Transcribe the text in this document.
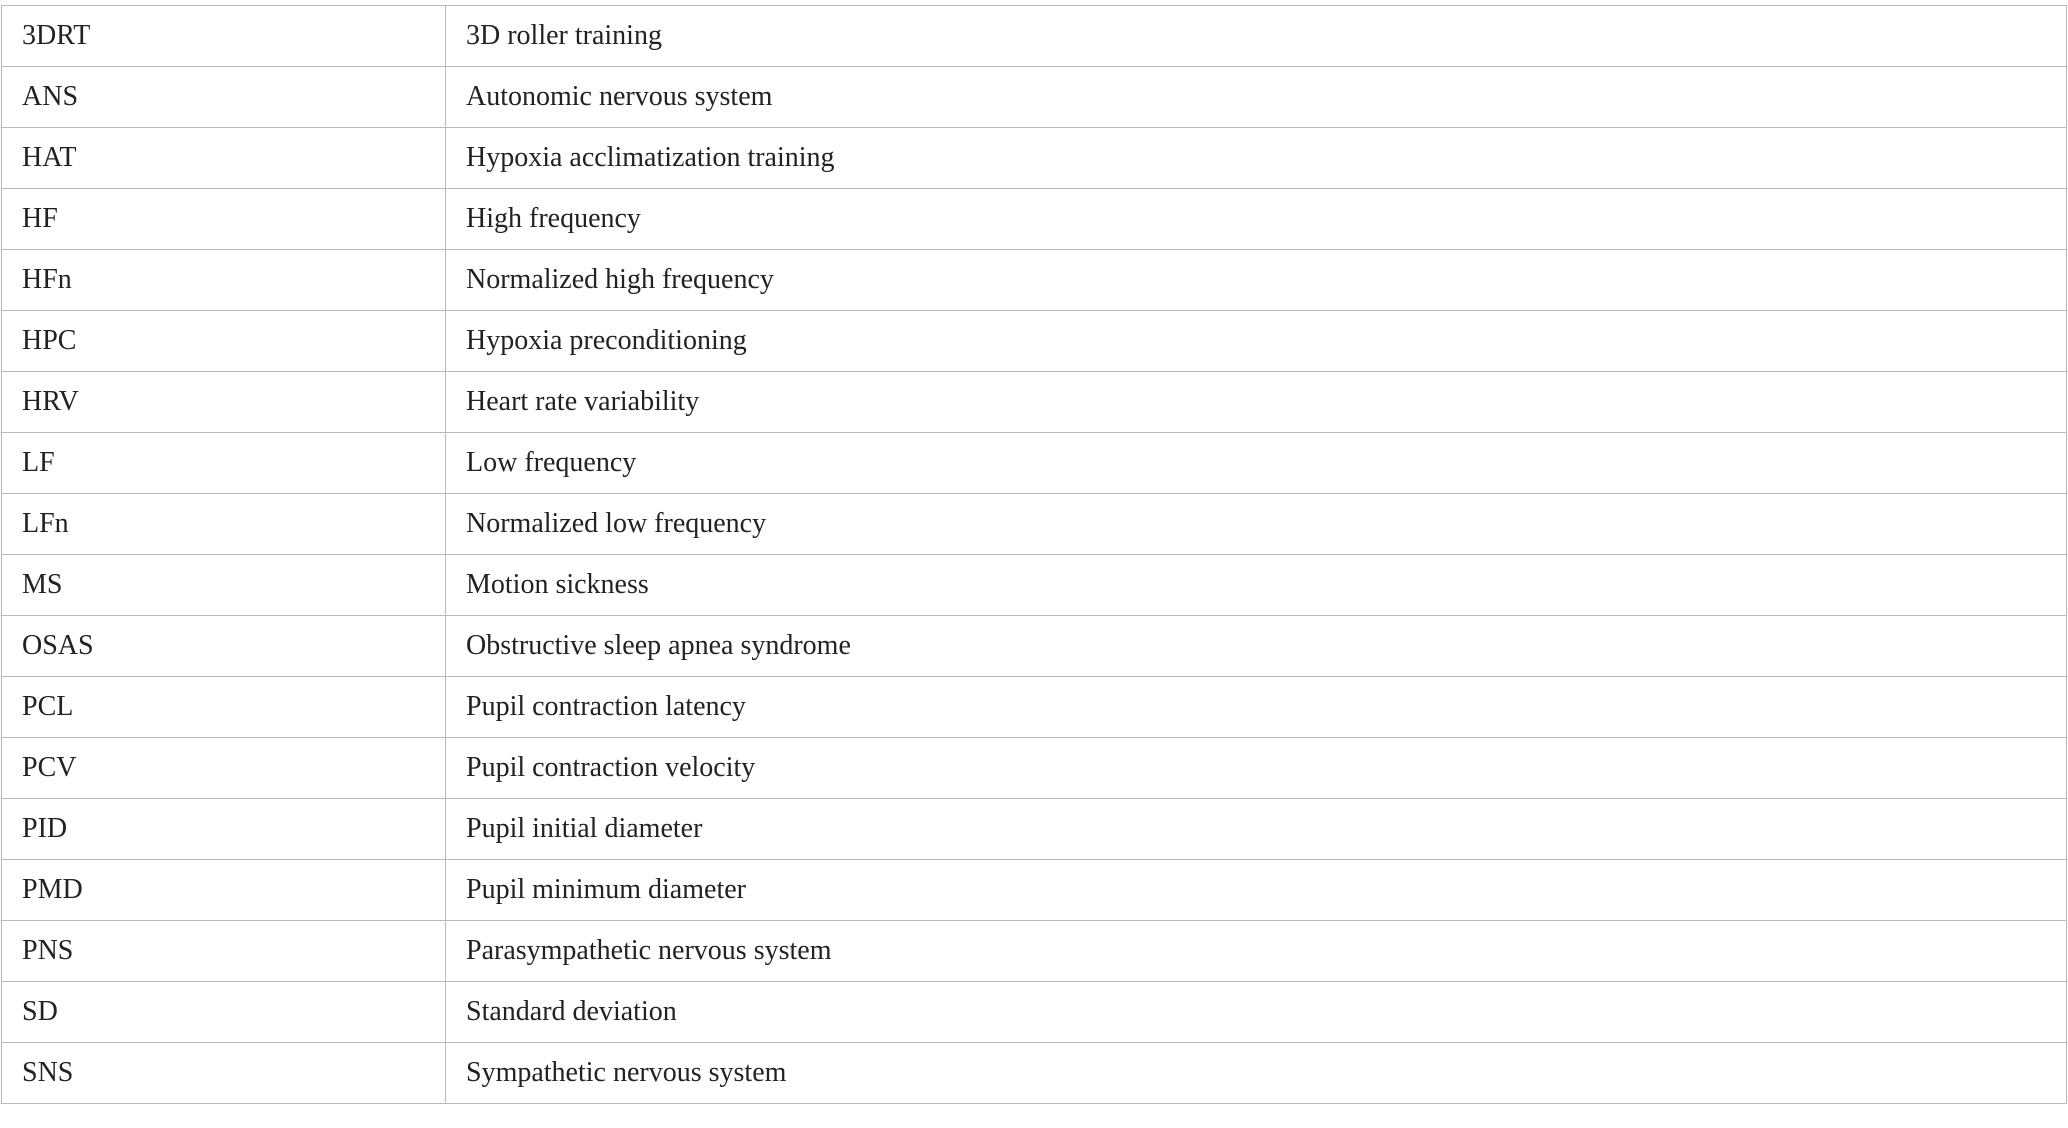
3DRT	3D roller training
ANS	Autonomic nervous system
HAT	Hypoxia acclimatization training
HF	High frequency
HFn	Normalized high frequency
HPC	Hypoxia preconditioning
HRV	Heart rate variability
LF	Low frequency
LFn	Normalized low frequency
MS	Motion sickness
OSAS	Obstructive sleep apnea syndrome
PCL	Pupil contraction latency
PCV	Pupil contraction velocity
PID	Pupil initial diameter
PMD	Pupil minimum diameter
PNS	Parasympathetic nervous system
SD	Standard deviation
SNS	Sympathetic nervous system
